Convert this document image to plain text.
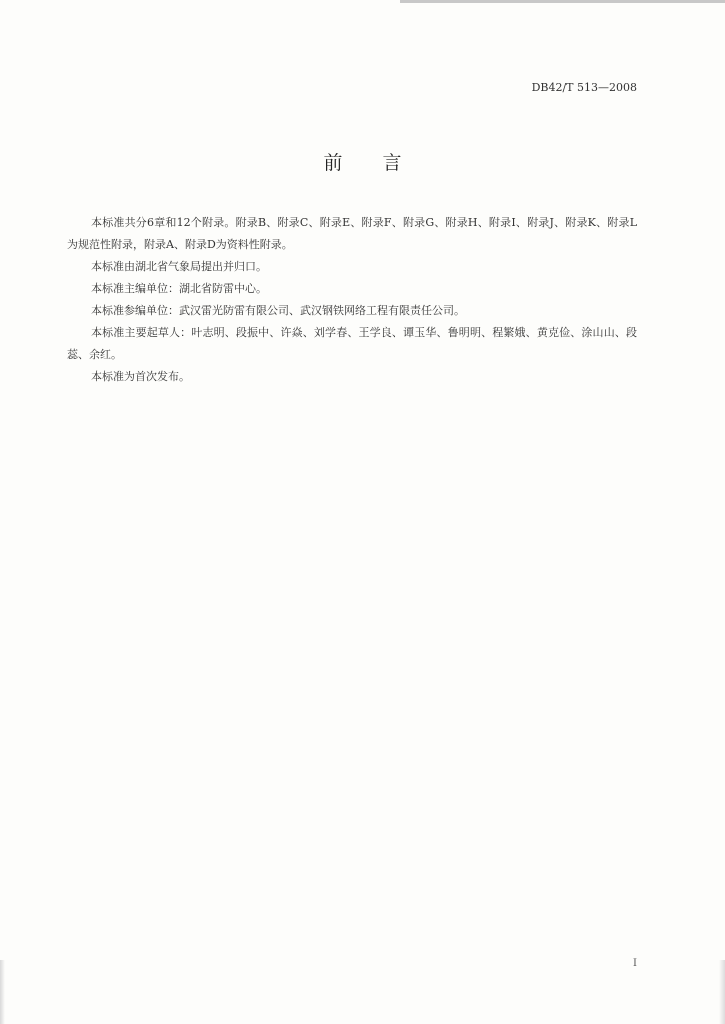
DB42/T 513—2008
前 言

本标准共分6章和12个附录。附录B、附录C、附录E、附录F、附录G、附录H、附录I、附录J、附录K、附录L为规范性附录，附录A、附录D为资料性附录。

本标准由湖北省气象局提出并归口。

本标准主编单位：湖北省防雷中心。

本标准参编单位：武汉雷光防雷有限公司、武汉钢铁网络工程有限责任公司。

本标准主要起草人：叶志明、段振中、许焱、刘学春、王学良、谭玉华、鲁明明、程繁娥、黄克俭、涂山山、段蕊、余红。

本标准为首次发布。

I
